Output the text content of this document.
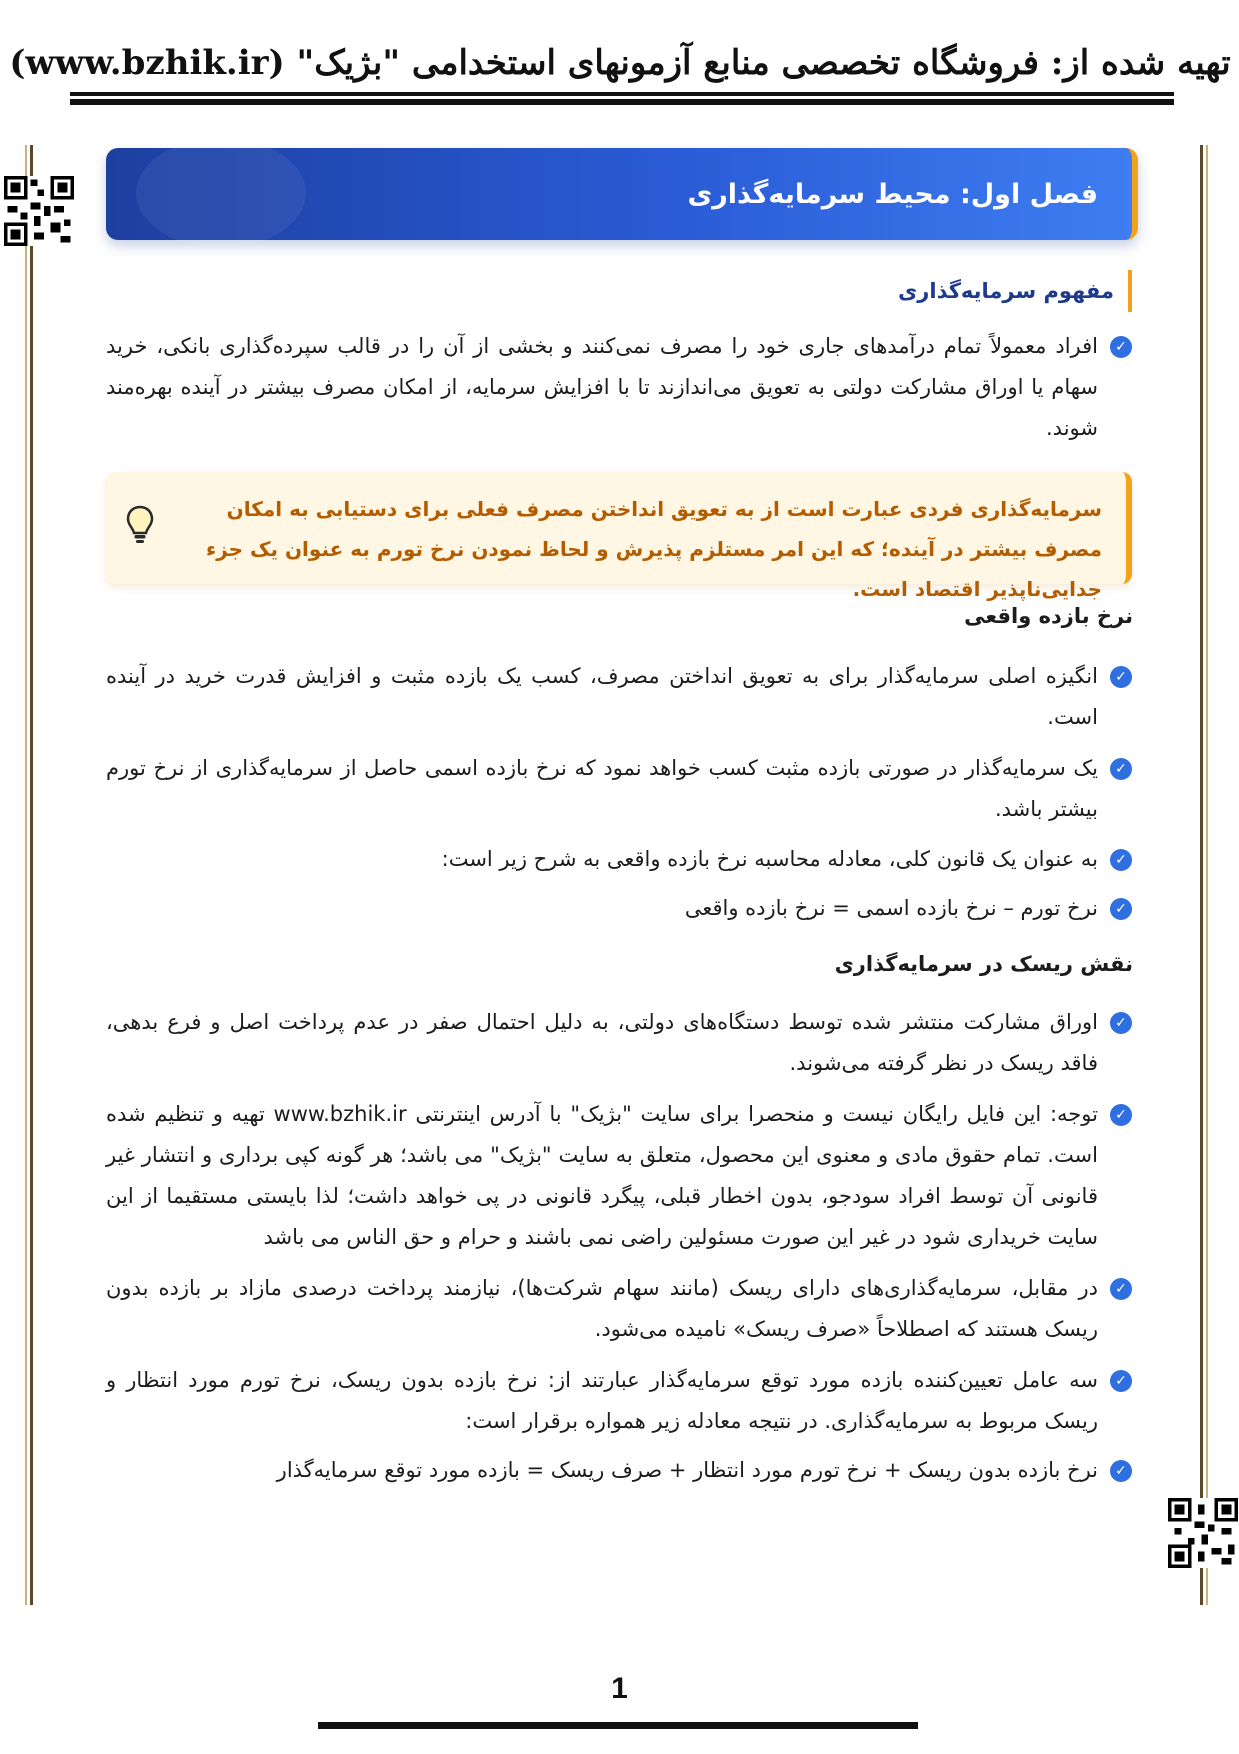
تهیه شده از: فروشگاه تخصصی منابع آزمونهای استخدامی "بژیک" (www.bzhik.ir)
فصل اول: محیط سرمایه‌گذاری
مفهوم سرمایه‌گذاری
✓
افراد معمولاً تمام درآمدهای جاری خود را مصرف نمی‌کنند و بخشی از آن را در قالب سپرده‌گذاری بانکی، خرید سهام یا اوراق مشارکت دولتی به تعویق می‌اندازند تا با افزایش سرمایه، از امکان مصرف بیشتر در آینده بهره‌مند شوند.
سرمایه‌گذاری فردی عبارت است از به تعویق انداختن مصرف فعلی برای دستیابی به امکان مصرف بیشتر در آینده؛ که این امر مستلزم پذیرش و لحاظ نمودن نرخ تورم به عنوان یک جزء جدایی‌ناپذیر اقتصاد است.
نرخ بازده واقعی
✓
انگیزه اصلی سرمایه‌گذار برای به تعویق انداختن مصرف، کسب یک بازده مثبت و افزایش قدرت خرید در آینده است.
✓
یک سرمایه‌گذار در صورتی بازده مثبت کسب خواهد نمود که نرخ بازده اسمی حاصل از سرمایه‌گذاری از نرخ تورم بیشتر باشد.
✓
به عنوان یک قانون کلی، معادله محاسبه نرخ بازده واقعی به شرح زیر است:
✓
نرخ تورم – نرخ بازده اسمی = نرخ بازده واقعی
نقش ریسک در سرمایه‌گذاری
✓
اوراق مشارکت منتشر شده توسط دستگاه‌های دولتی، به دلیل احتمال صفر در عدم پرداخت اصل و فرع بدهی، فاقد ریسک در نظر گرفته می‌شوند.
✓
توجه: این فایل رایگان نیست و منحصرا برای سایت "بژیک" با آدرس اینترنتی www.bzhik.ir تهیه و تنظیم شده است. تمام حقوق مادی و معنوی این محصول، متعلق به سایت "بژیک" می باشد؛ هر گونه کپی برداری و انتشار غیر قانونی آن توسط افراد سودجو، بدون اخطار قبلی، پیگرد قانونی در پی خواهد داشت؛ لذا بایستی مستقیما از این سایت خریداری شود در غیر این صورت مسئولین راضی نمی باشند و حرام و حق الناس می باشد
✓
در مقابل، سرمایه‌گذاری‌های دارای ریسک (مانند سهام شرکت‌ها)، نیازمند پرداخت درصدی مازاد بر بازده بدون ریسک هستند که اصطلاحاً «صرف ریسک» نامیده می‌شود.
✓
سه عامل تعیین‌کننده بازده مورد توقع سرمایه‌گذار عبارتند از: نرخ بازده بدون ریسک، نرخ تورم مورد انتظار و ریسک مربوط به سرمایه‌گذاری. در نتیجه معادله زیر همواره برقرار است:
✓
نرخ بازده بدون ریسک + نرخ تورم مورد انتظار + صرف ریسک = بازده مورد توقع سرمایه‌گذار
1
